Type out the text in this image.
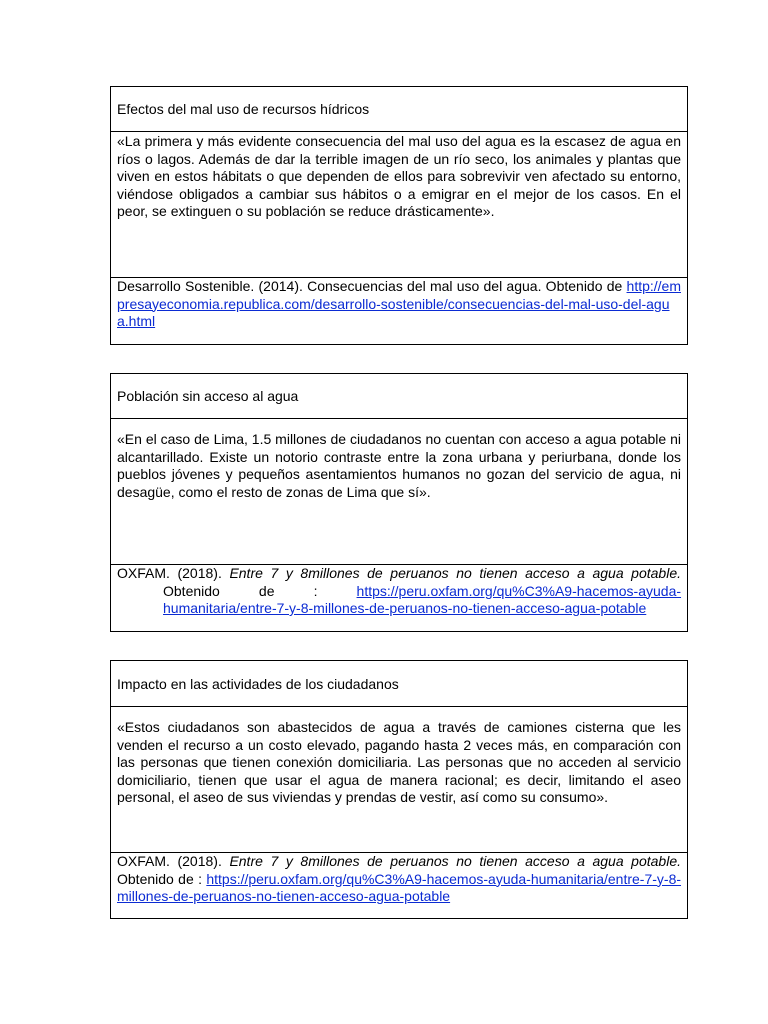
Efectos del mal uso de recursos hídricos
«La primera y más evidente consecuencia del mal uso del agua es la escasez de agua en ríos o lagos. Además de dar la terrible imagen de un río seco, los animales y plantas que viven en estos hábitats o que dependen de ellos para sobrevivir ven afectado su entorno, viéndose obligados a cambiar sus hábitos o a emigrar en el mejor de los casos. En el peor, se extinguen o su población se reduce drásticamente».
Desarrollo Sostenible. (2014). Consecuencias del mal uso del agua. Obtenido de http://empresayeconomia.republica.com/desarrollo-sostenible/consecuencias-del-mal-uso-del-agua.html
Población sin acceso al agua
«En el caso de Lima, 1.5 millones de ciudadanos no cuentan con acceso a agua potable ni alcantarillado. Existe un notorio contraste entre la zona urbana y periurbana, donde los pueblos jóvenes y pequeños asentamientos humanos no gozan del servicio de agua, ni desagüe, como el resto de zonas de Lima que sí».
OXFAM. (2018). Entre 7 y 8millones de peruanos no tienen acceso a agua potable.
Obtenido	de	:	https://peru.oxfam.org/qu%C3%A9-hacemos-ayuda-
humanitaria/entre-7-y-8-millones-de-peruanos-no-tienen-acceso-agua-potable
Impacto en las actividades de los ciudadanos
«Estos ciudadanos son abastecidos de agua a través de camiones cisterna que les venden el recurso a un costo elevado, pagando hasta 2 veces más, en comparación con las personas que tienen conexión domiciliaria. Las personas que no acceden al servicio domiciliario, tienen que usar el agua de manera racional; es decir, limitando el aseo personal, el aseo de sus viviendas y prendas de vestir, así como su consumo».
OXFAM. (2018). Entre 7 y 8millones de peruanos no tienen acceso a agua potable.
Obtenido de : https://peru.oxfam.org/qu%C3%A9-hacemos-ayuda-humanitaria/entre-7-y-8-millones-de-peruanos-no-tienen-acceso-agua-potable
